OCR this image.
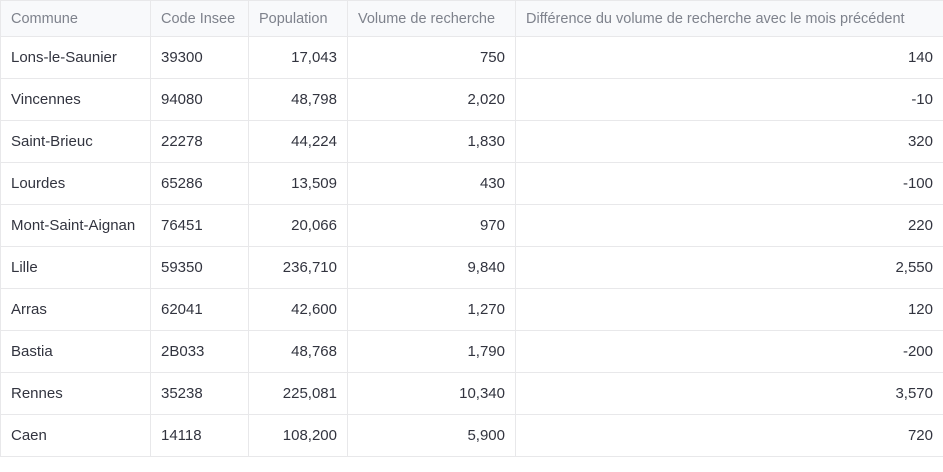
Commune	Code Insee	Population	Volume de recherche	Différence du volume de recherche avec le mois précédent
Lons-le-Saunier	39300	17,043	750	140
Vincennes	94080	48,798	2,020	-10
Saint-Brieuc	22278	44,224	1,830	320
Lourdes	65286	13,509	430	-100
Mont-Saint-Aignan	76451	20,066	970	220
Lille	59350	236,710	9,840	2,550
Arras	62041	42,600	1,270	120
Bastia	2B033	48,768	1,790	-200
Rennes	35238	225,081	10,340	3,570
Caen	14118	108,200	5,900	720
